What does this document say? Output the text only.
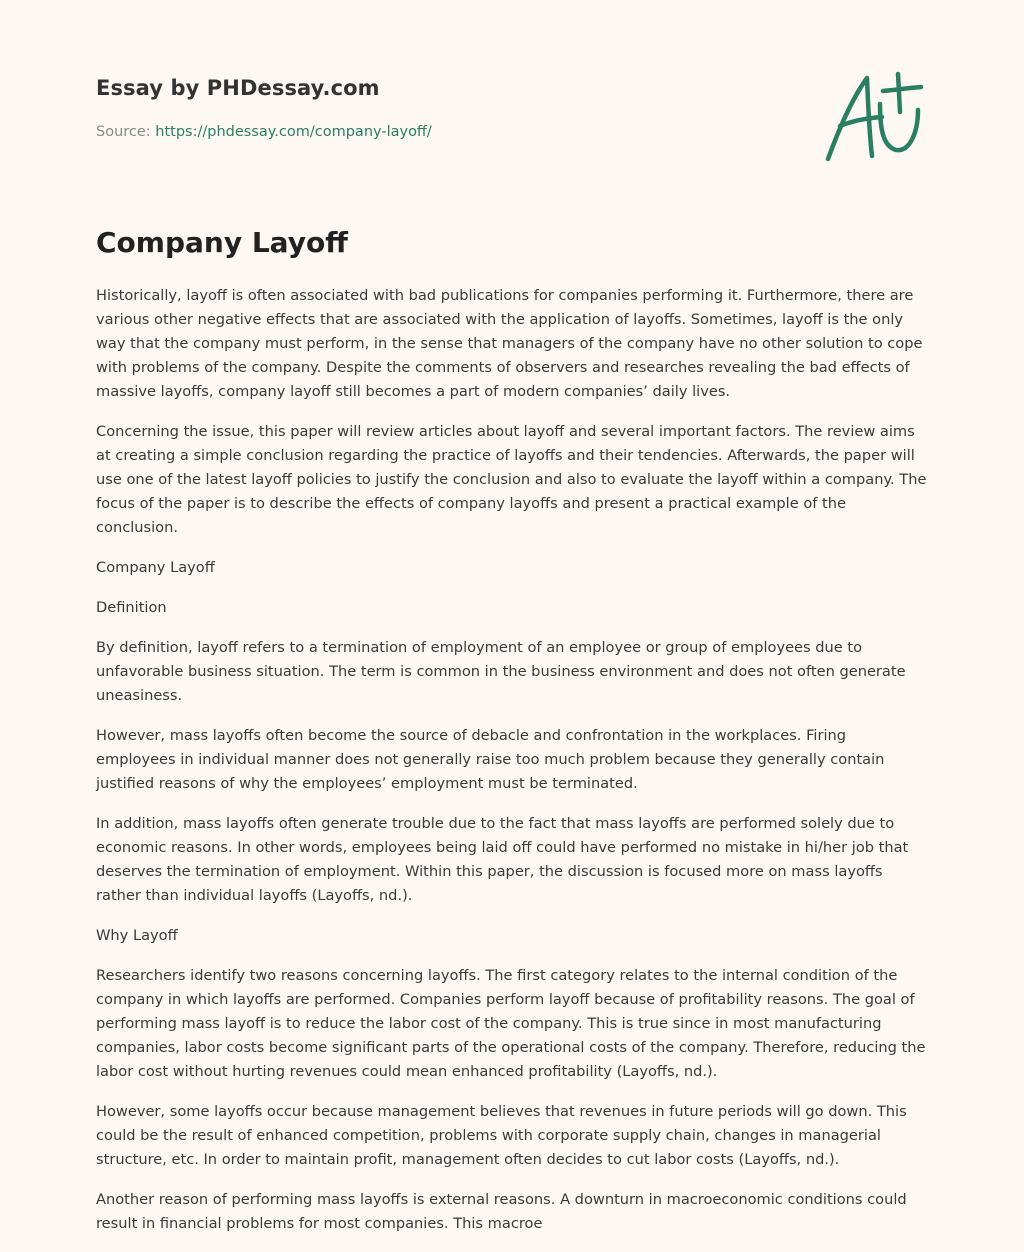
Essay by PHDessay.com
Source: https://phdessay.com/company-layoff/
Company Layoff

Historically, layoff is often associated with bad publications for companies performing it. Furthermore, there are various other negative effects that are associated with the application of layoffs. Sometimes, layoff is the only way that the company must perform, in the sense that managers of the company have no other solution to cope with problems of the company. Despite the comments of observers and researches revealing the bad effects of massive layoffs, company layoff still becomes a part of modern companies’ daily lives.

Concerning the issue, this paper will review articles about layoff and several important factors. The review aims at creating a simple conclusion regarding the practice of layoffs and their tendencies. Afterwards, the paper will use one of the latest layoff policies to justify the conclusion and also to evaluate the layoff within a company. The focus of the paper is to describe the effects of company layoffs and present a practical example of the conclusion.

Company Layoff

Definition

By definition, layoff refers to a termination of employment of an employee or group of employees due to unfavorable business situation. The term is common in the business environment and does not often generate uneasiness.

However, mass layoffs often become the source of debacle and confrontation in the workplaces. Firing employees in individual manner does not generally raise too much problem because they generally contain justified reasons of why the employees’ employment must be terminated.

In addition, mass layoffs often generate trouble due to the fact that mass layoffs are performed solely due to economic reasons. In other words, employees being laid off could have performed no mistake in hi/her job that deserves the termination of employment. Within this paper, the discussion is focused more on mass layoffs rather than individual layoffs (Layoffs, nd.).

Why Layoff

Researchers identify two reasons concerning layoffs. The first category relates to the internal condition of the company in which layoffs are performed. Companies perform layoff because of profitability reasons. The goal of performing mass layoff is to reduce the labor cost of the company. This is true since in most manufacturing companies, labor costs become significant parts of the operational costs of the company. Therefore, reducing the labor cost without hurting revenues could mean enhanced profitability (Layoffs, nd.).

However, some layoffs occur because management believes that revenues in future periods will go down. This could be the result of enhanced competition, problems with corporate supply chain, changes in managerial structure, etc. In order to maintain profit, management often decides to cut labor costs (Layoffs, nd.).

Another reason of performing mass layoffs is external reasons. A downturn in macroeconomic conditions could result in financial problems for most companies. This macroe
